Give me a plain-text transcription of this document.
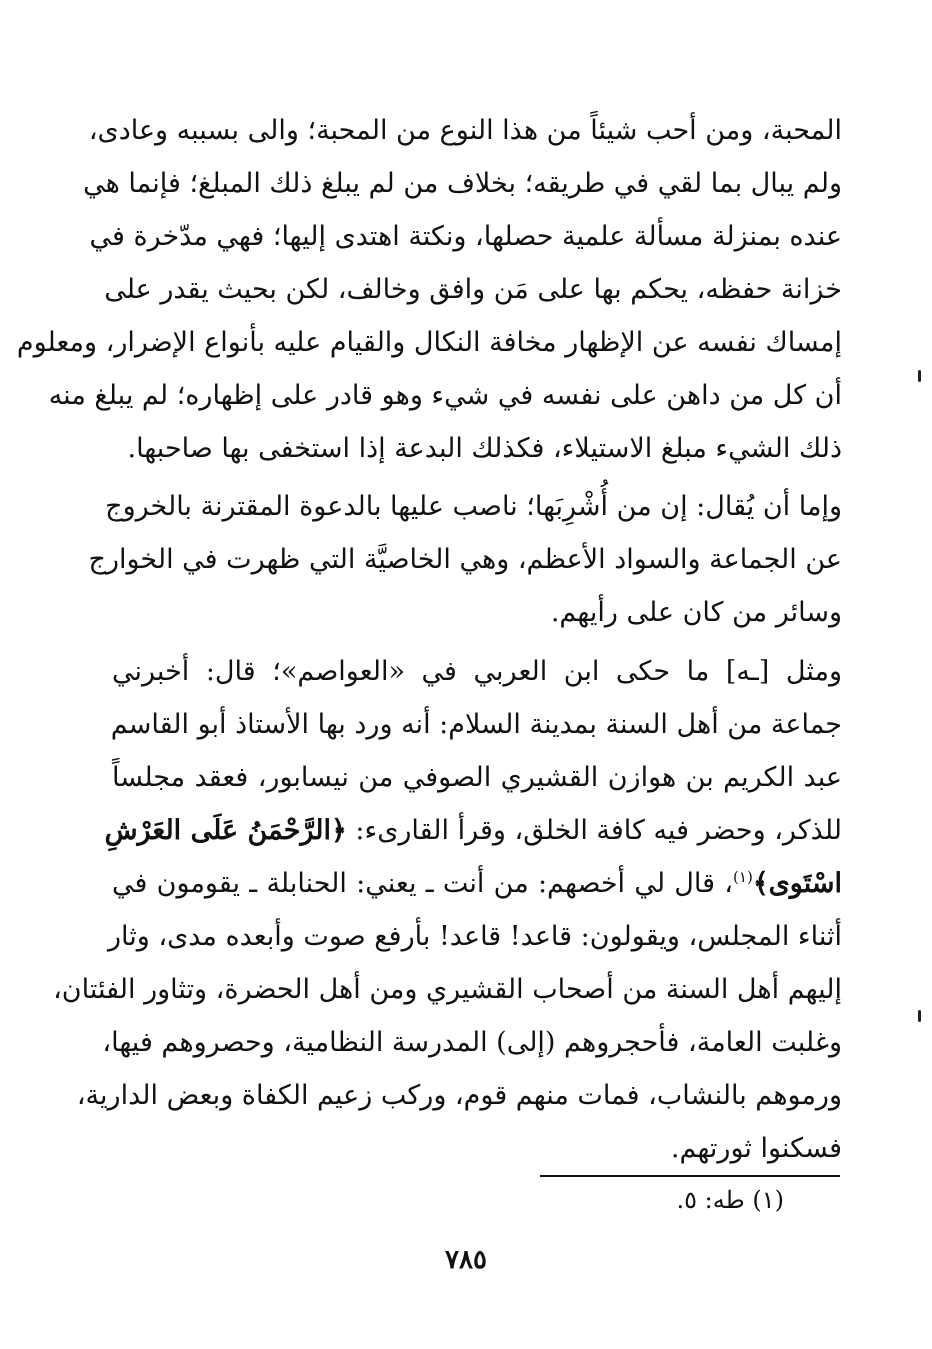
المحبة، ومن أحب شيئاً من هذا النوع من المحبة؛ والى بسببه وعادى،
ولم يبال بما لقي في طريقه؛ بخلاف من لم يبلغ ذلك المبلغ؛ فإنما هي
عنده بمنزلة مسألة علمية حصلها، ونكتة اهتدى إليها؛ فهي مدّخرة في
خزانة حفظه، يحكم بها على مَن وافق وخالف، لكن بحيث يقدر على
إمساك نفسه عن الإظهار مخافة النكال والقيام عليه بأنواع الإضرار، ومعلوم
أن كل من داهن على نفسه في شيء وهو قادر على إظهاره؛ لم يبلغ منه
ذلك الشيء مبلغ الاستيلاء، فكذلك البدعة إذا استخفى بها صاحبها.
وإما أن يُقال: إن من أُشْرِبَها؛ ناصب عليها بالدعوة المقترنة بالخروج
عن الجماعة والسواد الأعظم، وهي الخاصيَّة التي ظهرت في الخوارج
وسائر من كان على رأيهم.
ومثل [ـه] ما حكى ابن العربي في «العواصم»؛ قال: أخبرني
جماعة من أهل السنة بمدينة السلام: أنه ورد بها الأستاذ أبو القاسم
عبد الكريم بن هوازن القشيري الصوفي من نيسابور، فعقد مجلساً
للذكر، وحضر فيه كافة الخلق، وقرأ القارىء: ﴿الرَّحْمَنُ عَلَى العَرْشِ
اسْتَوى﴾$^{(١)}$، قال لي أخصهم: من أنت ـ يعني: الحنابلة ـ يقومون في
أثناء المجلس، ويقولون: قاعد! قاعد! بأرفع صوت وأبعده مدى، وثار
إليهم أهل السنة من أصحاب القشيري ومن أهل الحضرة، وتثاور الفئتان،
وغلبت العامة، فأحجروهم (إلى) المدرسة النظامية، وحصروهم فيها،
ورموهم بالنشاب، فمات منهم قوم، وركب زعيم الكفاة وبعض الدارية،
فسكنوا ثورتهم.
(١) طه: ٥.
٧٨٥
